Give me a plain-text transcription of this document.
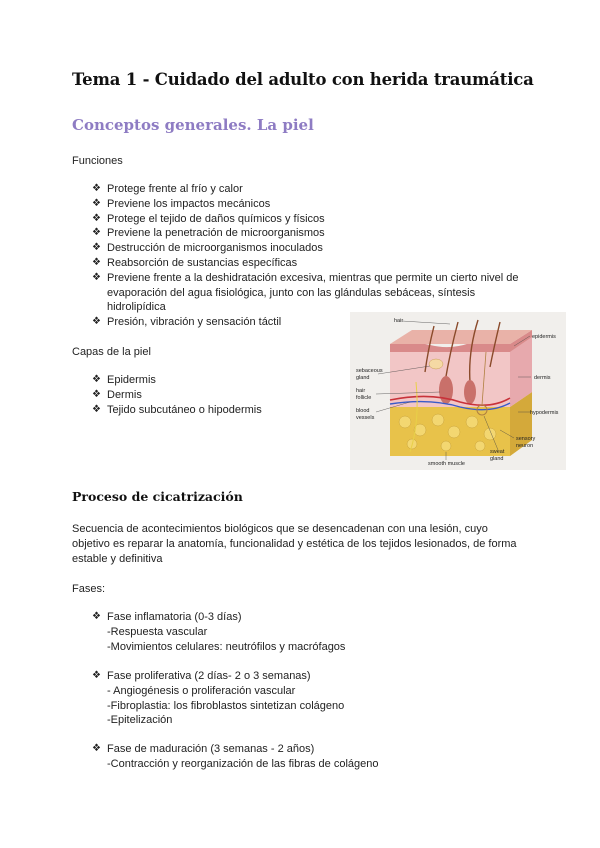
Tema 1 - Cuidado del adulto con herida traumática
Conceptos generales. La piel

Funciones

❖ Protege frente al frío y calor
❖ Previene los impactos mecánicos
❖ Protege el tejido de daños químicos y físicos
❖ Previene la penetración de microorganismos
❖ Destrucción de microorganismos inoculados
❖ Reabsorción de sustancias específicas
❖ Previene frente a la deshidratación excesiva, mientras que permite un cierto nivel de
evaporación del agua fisiológica, junto con las glándulas sebáceas, síntesis
hidrolipídica
❖ Presión, vibración y sensación táctil

Capas de la piel

❖ Epidermis
❖ Dermis
❖ Tejido subcutáneo o hipodermis
hair
epidermis
sebaceous
gland	dermis
hair
follicle
blood
vessels
hypodermis
sensory
neuron
sweat
gland
smooth muscle
Proceso de cicatrización

Secuencia de acontecimientos biológicos que se desencadenan con una lesión, cuyo
objetivo es reparar la anatomía, funcionalidad y estética de los tejidos lesionados, de forma
estable y definitiva

Fases:

❖ Fase inflamatoria (0-3 días)
-Respuesta vascular
-Movimientos celulares: neutrófilos y macrófagos
❖ Fase proliferativa (2 días- 2 o 3 semanas)
- Angiogénesis o proliferación vascular
-Fibroplastia: los fibroblastos sintetizan colágeno
-Epitelización
❖ Fase de maduración (3 semanas - 2 años)
-Contracción y reorganización de las fibras de colágeno
